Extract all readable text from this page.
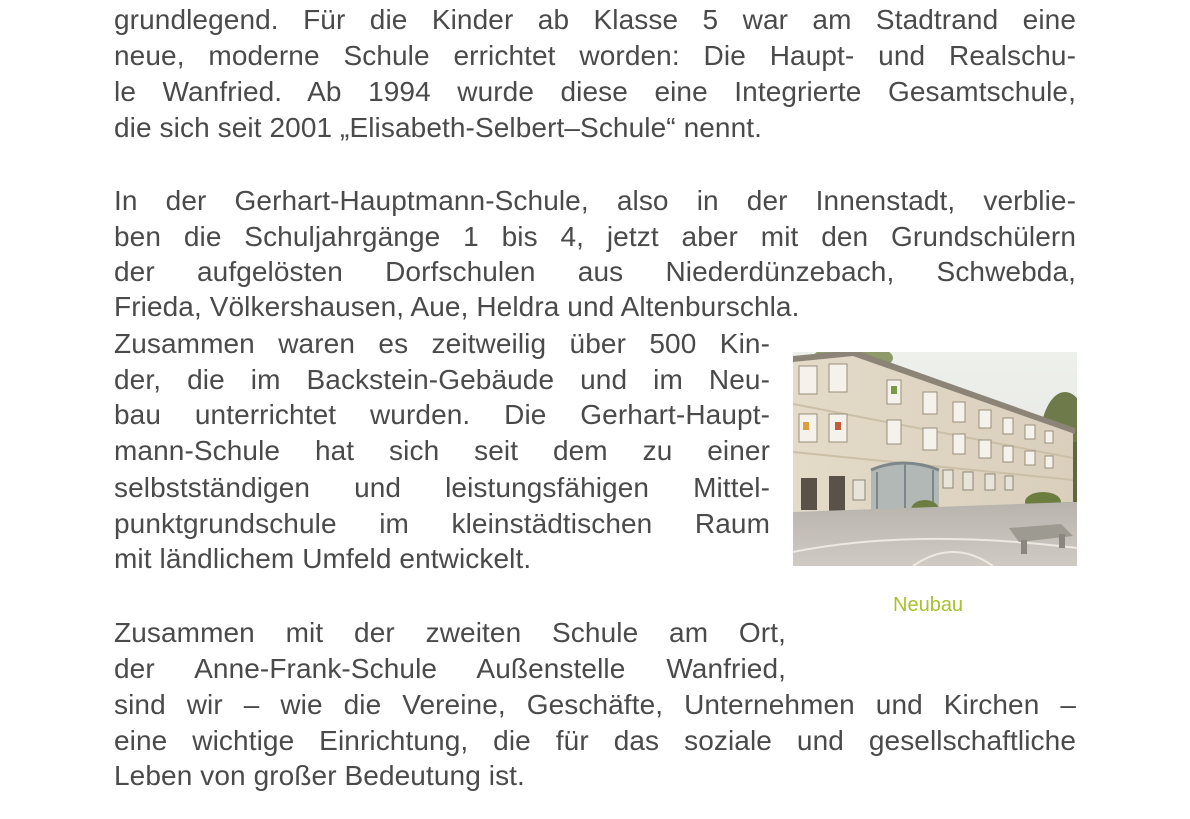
grundlegend. Für die Kinder ab Klasse 5 war am Stadtrand eine
neue, moderne Schule errichtet worden: Die Haupt- und Realschu-
le Wanfried. Ab 1994 wurde diese eine Integrierte Gesamtschule,
die sich seit 2001 „Elisabeth-Selbert–Schule“ nennt.
In der Gerhart-Hauptmann-Schule, also in der Innenstadt, verblie-
ben die Schuljahrgänge 1 bis 4, jetzt aber mit den Grundschülern
der aufgelösten Dorfschulen aus Niederdünzebach, Schwebda,
Frieda, Völkershausen, Aue, Heldra und Altenburschla.
Zusammen waren es zeitweilig über 500 Kin-
der, die im Backstein-Gebäude und im Neu-
bau unterrichtet wurden. Die Gerhart-Haupt-
mann-Schule hat sich seit dem zu einer
selbstständigen und leistungsfähigen Mittel-
punktgrundschule im kleinstädtischen Raum
mit ländlichem Umfeld entwickelt.
Neubau
Zusammen mit der zweiten Schule am Ort,
der Anne-Frank-Schule Außenstelle Wanfried,
sind wir – wie die Vereine, Geschäfte, Unternehmen und Kirchen –
eine wichtige Einrichtung, die für das soziale und gesellschaftliche
Leben von großer Bedeutung ist.
